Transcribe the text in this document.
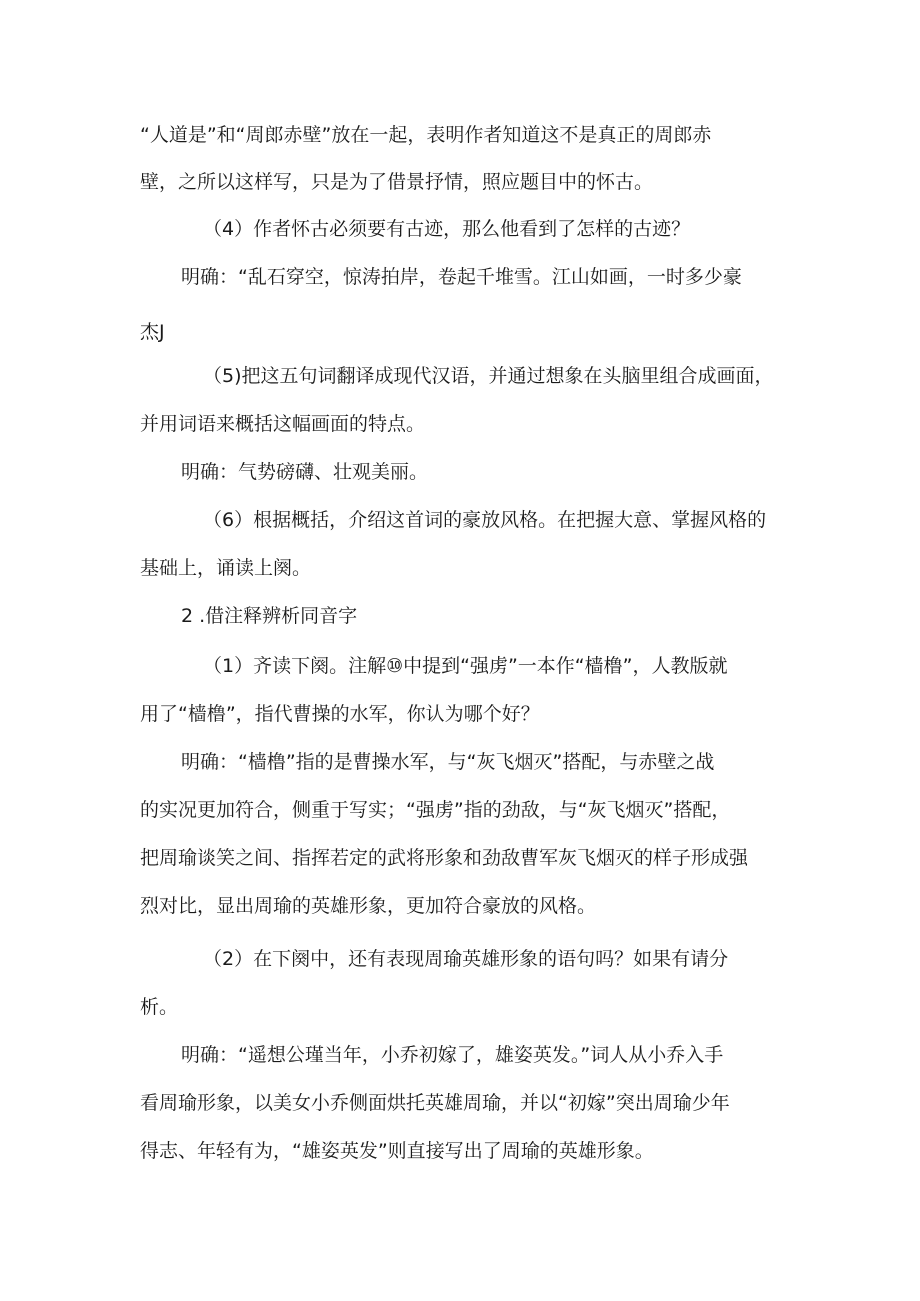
“人道是”和“周郎赤壁”放在一起，表明作者知道这不是真正的周郎赤
壁，之所以这样写，只是为了借景抒情，照应题目中的怀古。
（4）作者怀古必须要有古迹，那么他看到了怎样的古迹？
明确：“乱石穿空，惊涛拍岸，卷起千堆雪。江山如画，一时多少豪
杰J
（5)把这五句词翻译成现代汉语，并通过想象在头脑里组合成画面，
并用词语来概括这幅画面的特点。
明确：气势磅礴、壮观美丽。
（6）根据概括，介绍这首词的豪放风格。在把握大意、掌握风格的
基础上，诵读上阕。
2 .借注释辨析同音字
（1）齐读下阕。注解⑩中提到“强虏”一本作“樯橹”，人教版就
用了“樯橹”，指代曹操的水军，你认为哪个好？
明确：“樯橹”指的是曹操水军，与“灰飞烟灭”搭配，与赤壁之战
的实况更加符合，侧重于写实；“强虏”指的劲敌，与“灰飞烟灭”搭配，
把周瑜谈笑之间、指挥若定的武将形象和劲敌曹军灰飞烟灭的样子形成强
烈对比，显出周瑜的英雄形象，更加符合豪放的风格。
（2）在下阕中，还有表现周瑜英雄形象的语句吗？如果有请分
析。
明确：“遥想公瑾当年，小乔初嫁了，雄姿英发。”词人从小乔入手
看周瑜形象，以美女小乔侧面烘托英雄周瑜，并以“初嫁”突出周瑜少年
得志、年轻有为，“雄姿英发”则直接写出了周瑜的英雄形象。
